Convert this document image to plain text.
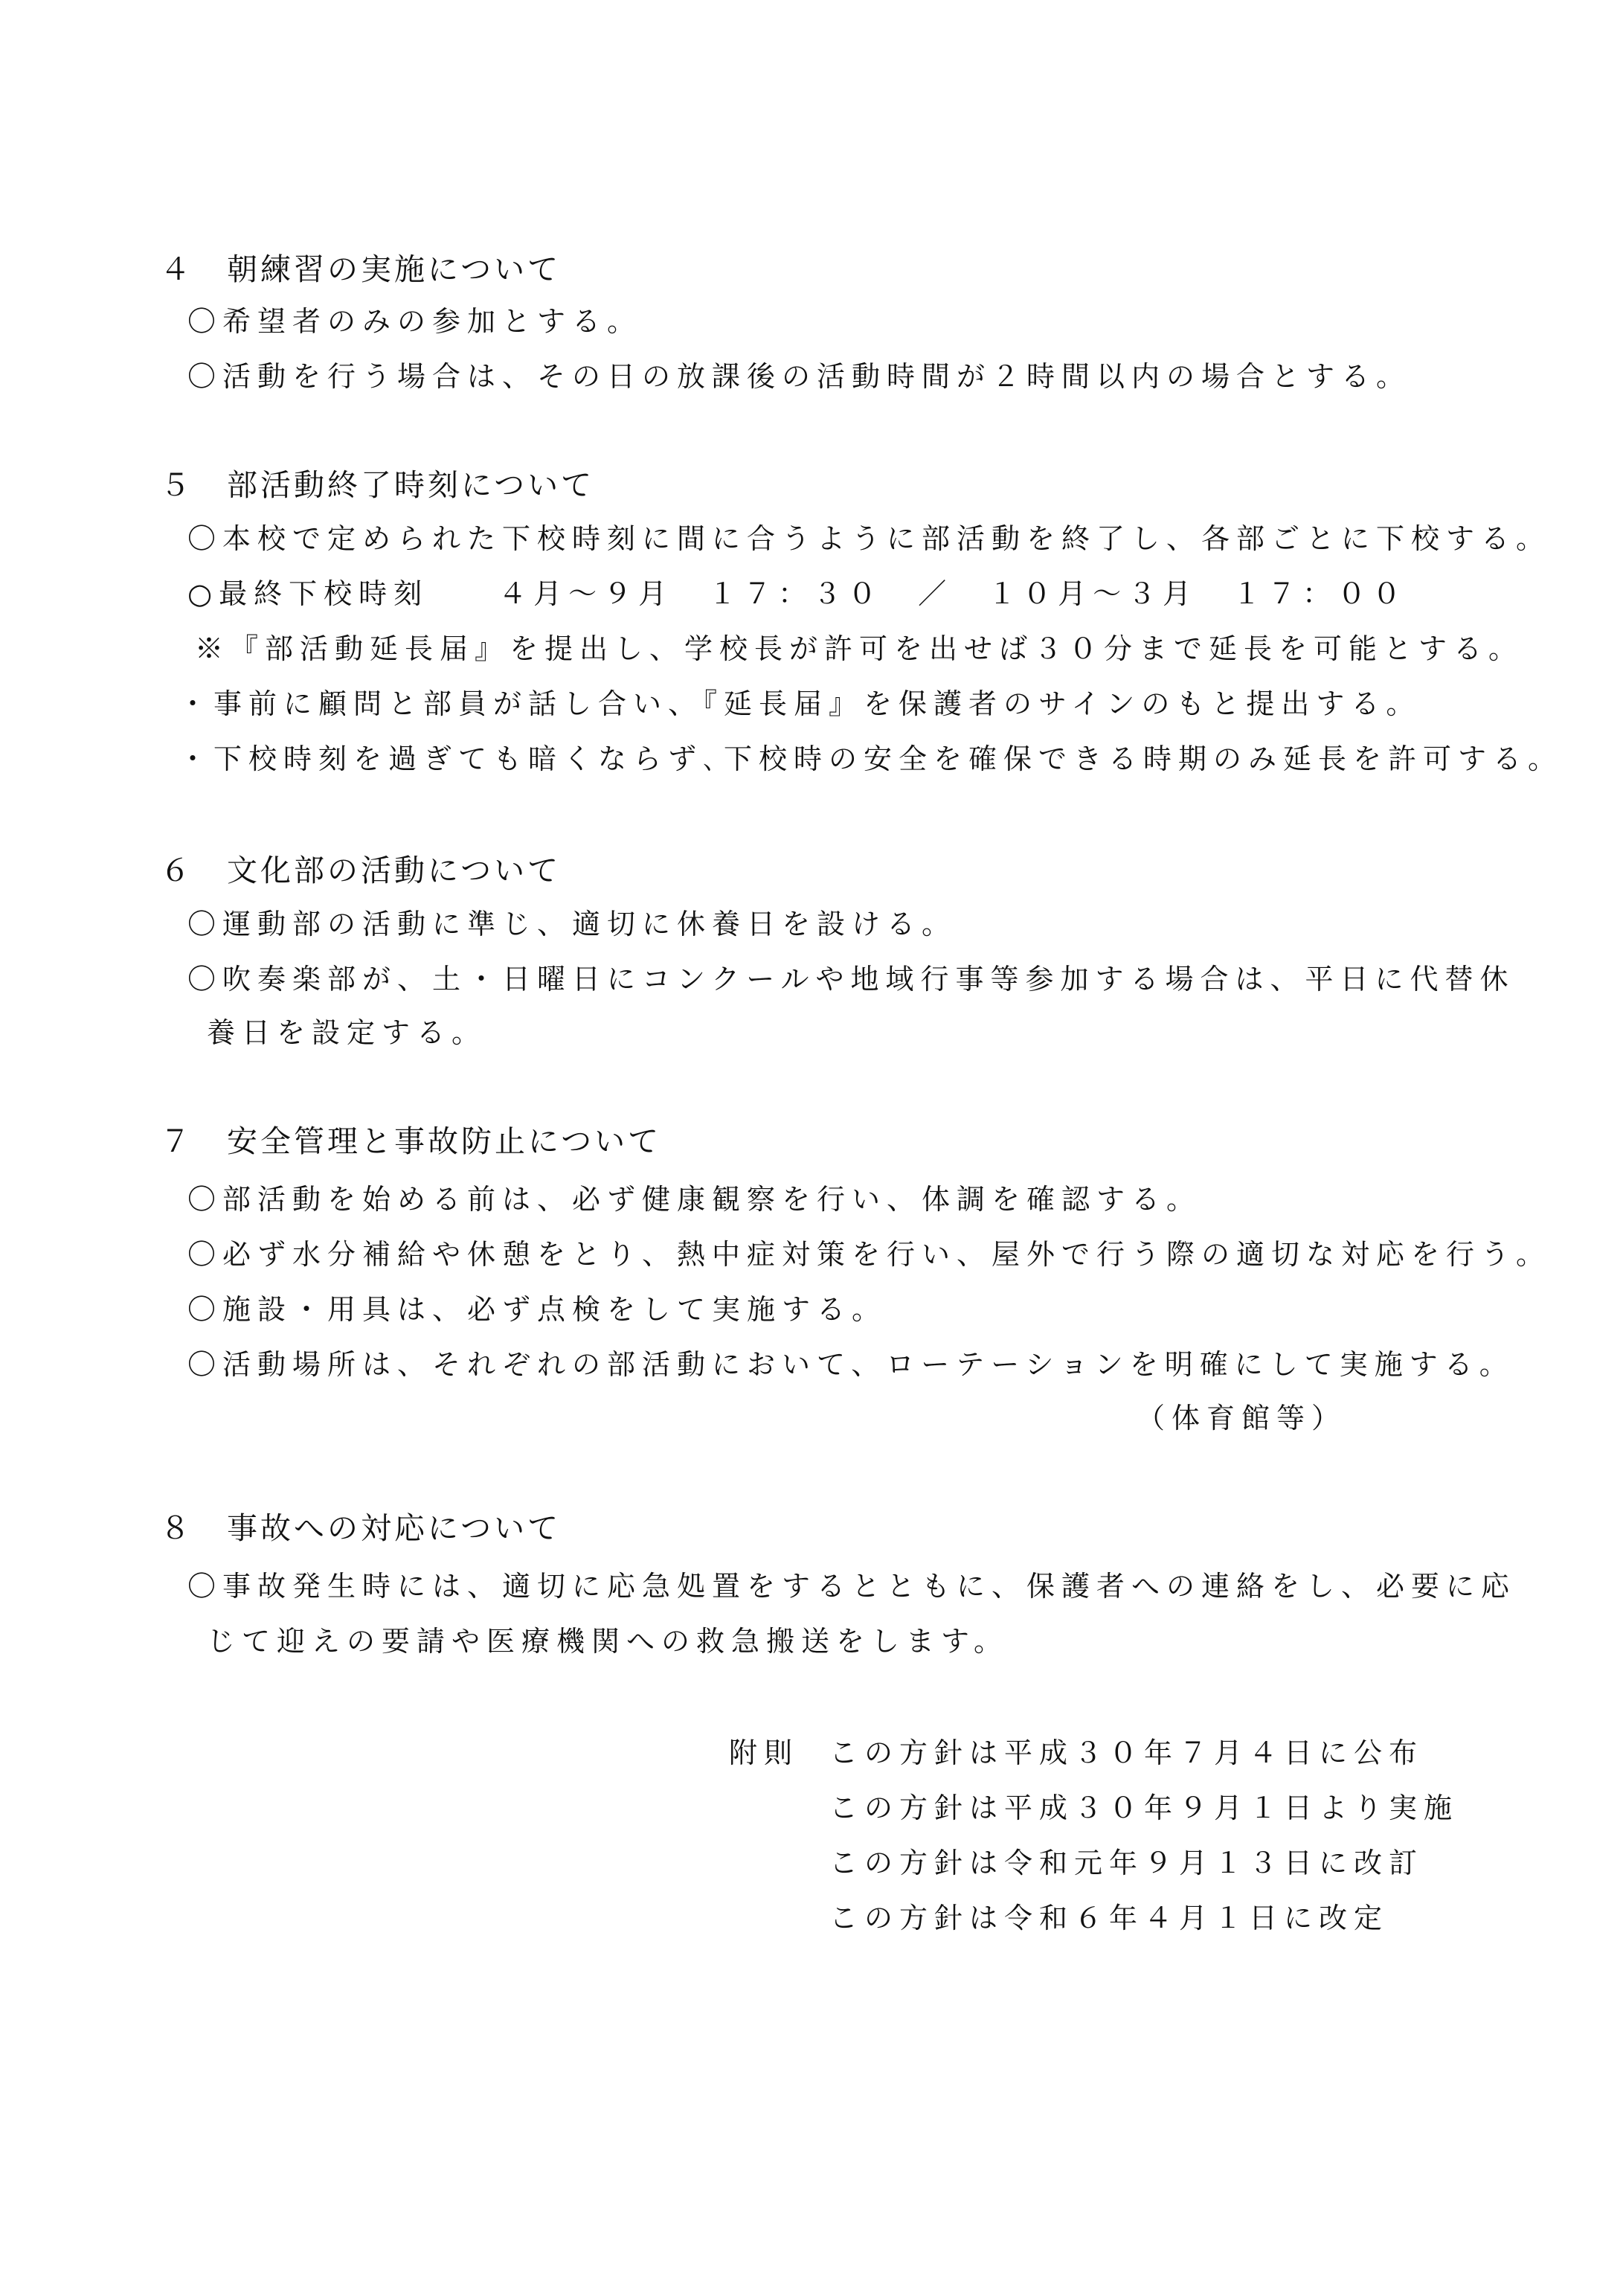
４　朝練習の実施について
〇希望者のみの参加とする。
〇活動を行う場合は、その日の放課後の活動時間が２時間以内の場合とする。
５　部活動終了時刻について
〇本校で定められた下校時刻に間に合うように部活動を終了し、各部ごとに下校する。
○最終下校時刻　　４月～９月　１７：３０　／　１０月～３月　１７：００
※『部活動延長届』を提出し、学校長が許可を出せば３０分まで延長を可能とする。
・事前に顧問と部員が話し合い、『延長届』を保護者のサインのもと提出する。
・下校時刻を過ぎても暗くならず､下校時の安全を確保できる時期のみ延長を許可する。
６　文化部の活動について
〇運動部の活動に準じ、適切に休養日を設ける。
〇吹奏楽部が、土・日曜日にコンクールや地域行事等参加する場合は、平日に代替休
養日を設定する。
７　安全管理と事故防止について
〇部活動を始める前は、必ず健康観察を行い、体調を確認する。
〇必ず水分補給や休憩をとり、熱中症対策を行い、屋外で行う際の適切な対応を行う。
〇施設・用具は、必ず点検をして実施する。
〇活動場所は、それぞれの部活動において、ローテーションを明確にして実施する。
（体育館等）
８　事故への対応について
〇事故発生時には、適切に応急処置をするとともに、保護者への連絡をし、必要に応
じて迎えの要請や医療機関への救急搬送をします。
附則 この方針は平成３０年７月４日に公布
この方針は平成３０年９月１日より実施
この方針は令和元年９月１３日に改訂
この方針は令和６年４月１日に改定
